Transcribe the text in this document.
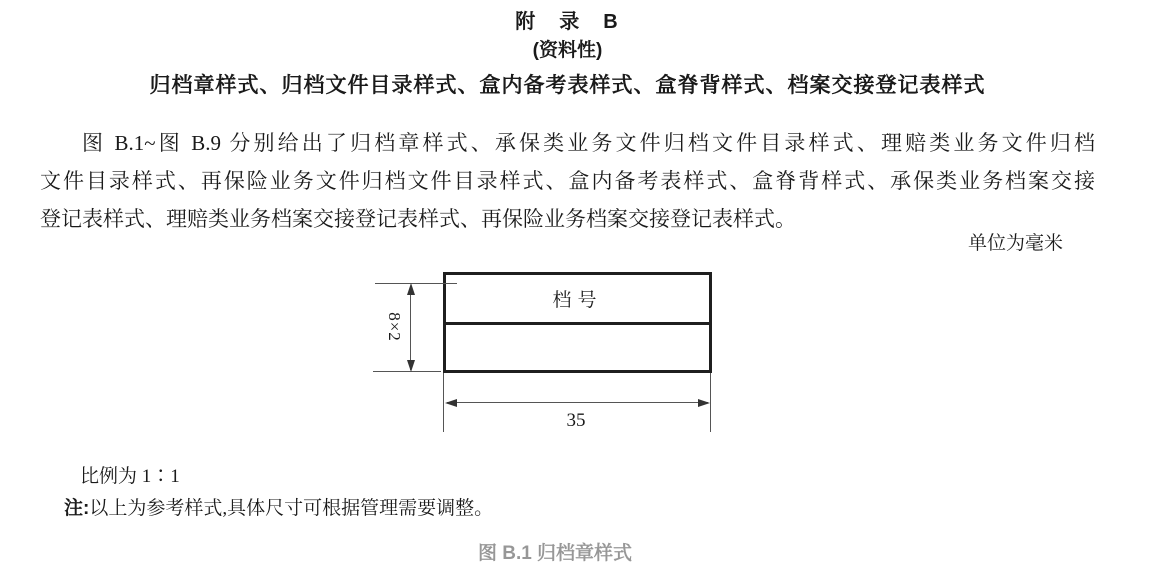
附　录　B
(资料性)
归档章样式、归档文件目录样式、盒内备考表样式、盒脊背样式、档案交接登记表样式
图 B.1~图 B.9 分别给出了归档章样式、承保类业务文件归档文件目录样式、理赔类业务文件归档
文件目录样式、再保险业务文件归档文件目录样式、盒内备考表样式、盒脊背样式、承保类业务档案交接
登记表样式、理赔类业务档案交接登记表样式、再保险业务档案交接登记表样式。
单位为毫米
档号
8×2
35
比例为 1∶1
注:以上为参考样式,具体尺寸可根据管理需要调整。
图 B.1 归档章样式
